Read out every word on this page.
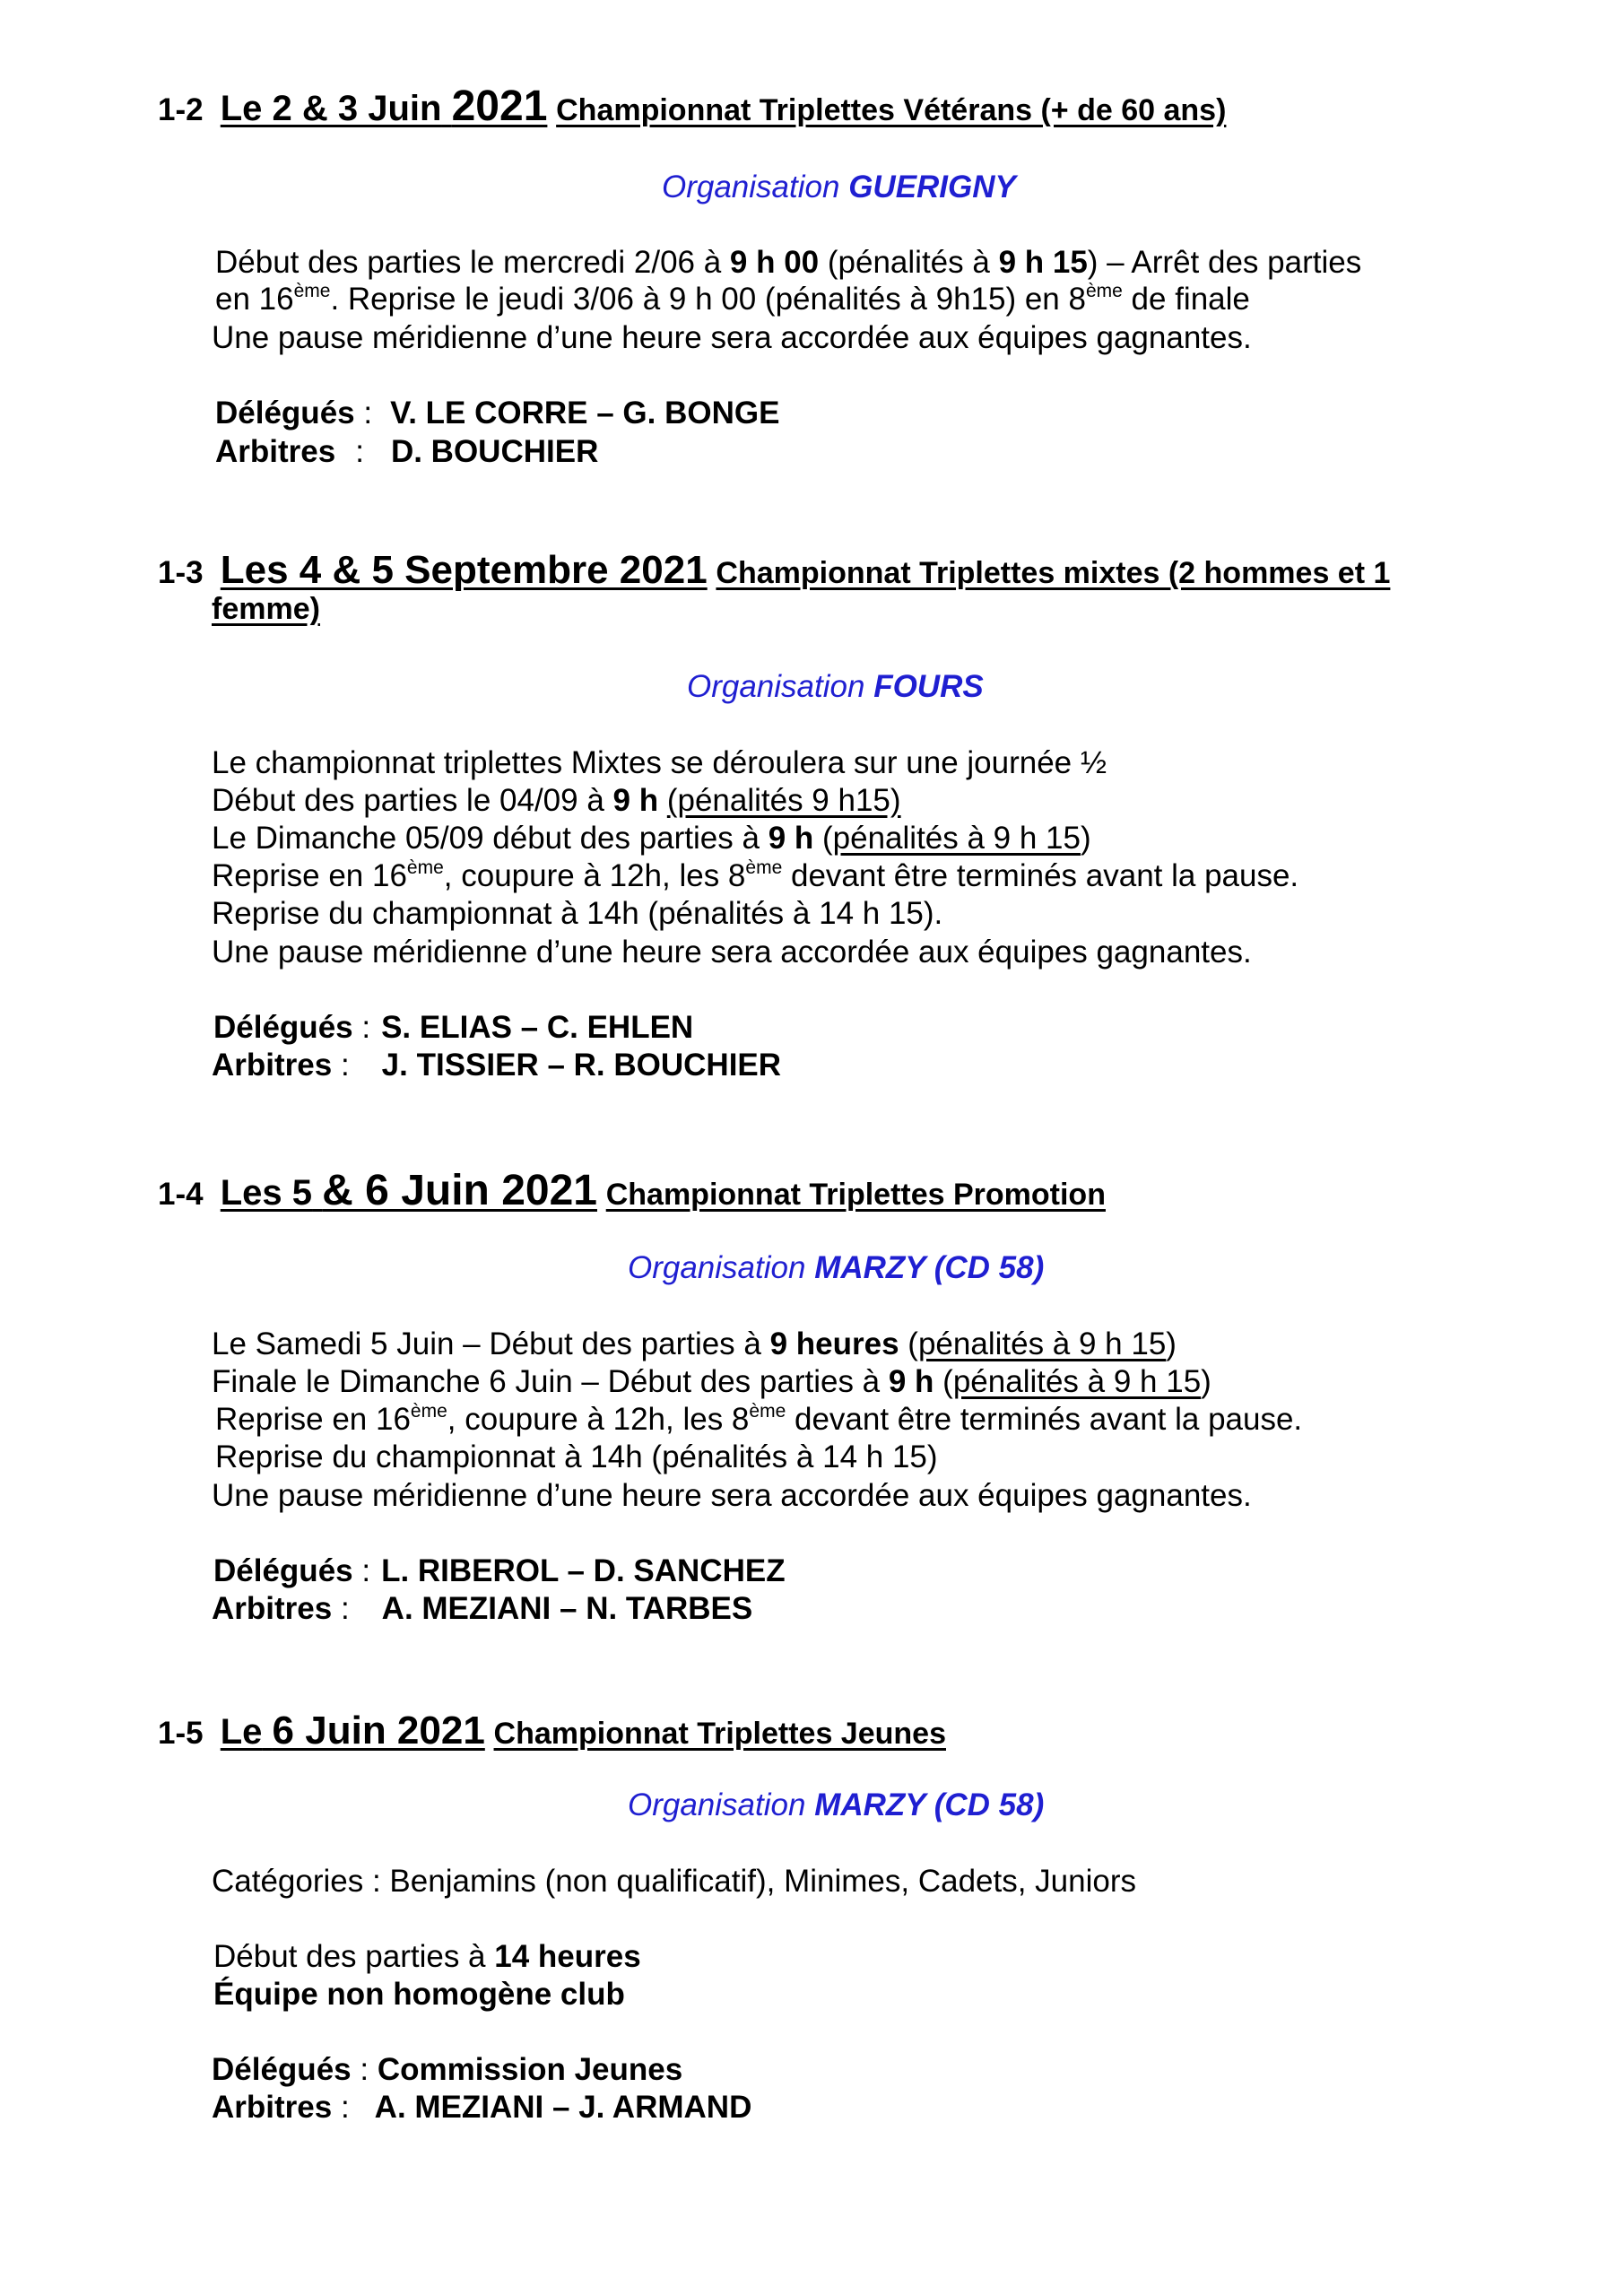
1-2 Le 2 & 3 Juin 2021 Championnat Triplettes Vétérans (+ de 60 ans)
Organisation GUERIGNY
Début des parties le mercredi 2/06 à 9 h 00 (pénalités à 9 h 15) – Arrêt des parties
en 16ème. Reprise le jeudi 3/06 à 9 h 00 (pénalités à 9h15) en 8ème de finale
Une pause méridienne d’une heure sera accordée aux équipes gagnantes.
Délégués : V. LE CORRE – G. BONGE
Arbitres : D. BOUCHIER
1-3 Les 4 & 5 Septembre 2021 Championnat Triplettes mixtes (2 hommes et 1
femme)
Organisation FOURS
Le championnat triplettes Mixtes se déroulera sur une journée ½
Début des parties le 04/09 à 9 h (pénalités 9 h15)
Le Dimanche 05/09 début des parties à 9 h (pénalités à 9 h 15)
Reprise en 16ème, coupure à 12h, les 8ème devant être terminés avant la pause.
Reprise du championnat à 14h (pénalités à 14 h 15).
Une pause méridienne d’une heure sera accordée aux équipes gagnantes.
Délégués : S. ELIAS – C. EHLEN
Arbitres : J. TISSIER – R. BOUCHIER
1-4 Les 5 & 6 Juin 2021 Championnat Triplettes Promotion
Organisation MARZY (CD 58)
Le Samedi 5 Juin – Début des parties à 9 heures (pénalités à 9 h 15)
Finale le Dimanche 6 Juin – Début des parties à 9 h (pénalités à 9 h 15)
Reprise en 16ème, coupure à 12h, les 8ème devant être terminés avant la pause.
Reprise du championnat à 14h (pénalités à 14 h 15)
Une pause méridienne d’une heure sera accordée aux équipes gagnantes.
Délégués : L. RIBEROL – D. SANCHEZ
Arbitres : A. MEZIANI – N. TARBES
1-5 Le 6 Juin 2021 Championnat Triplettes Jeunes
Organisation MARZY (CD 58)
Catégories : Benjamins (non qualificatif), Minimes, Cadets, Juniors
Début des parties à 14 heures
Équipe non homogène club
Délégués : Commission Jeunes
Arbitres : A. MEZIANI – J. ARMAND
